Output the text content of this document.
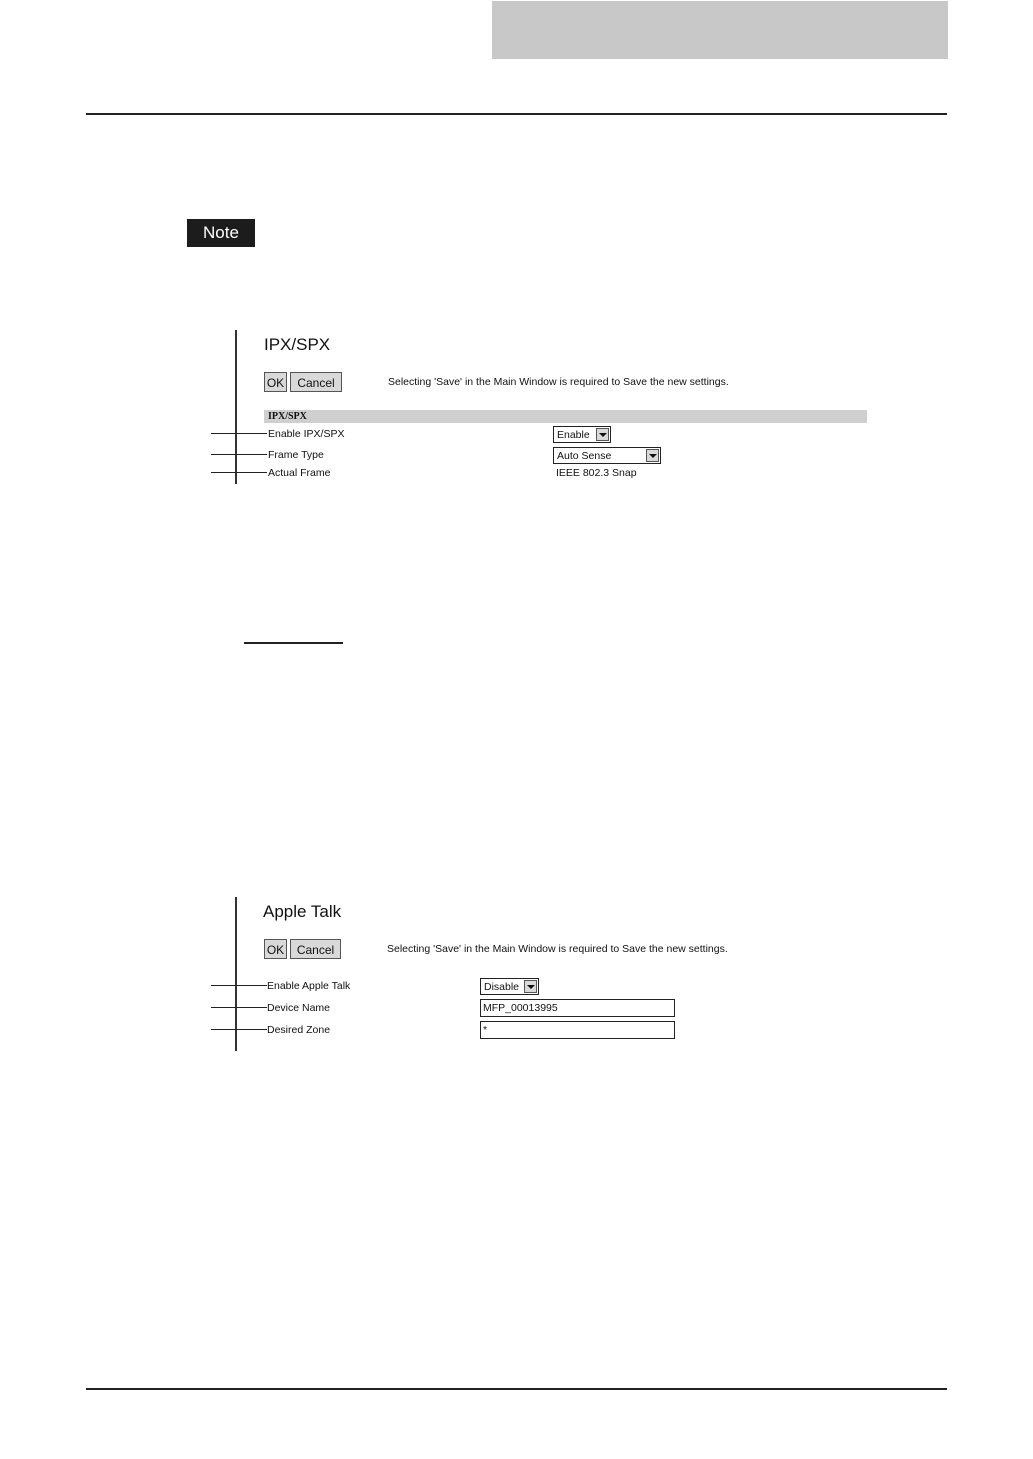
Note
IPX/SPX
OK	Cancel	Selecting 'Save' in the Main Window is required to Save the new settings.
IPX/SPX
Enable IPX/SPX	Enable
Frame Type	Auto Sense
Actual Frame	IEEE 802.3 Snap
Apple Talk
OK	Cancel	Selecting 'Save' in the Main Window is required to Save the new settings.
Enable Apple Talk	Disable
Device Name	MFP_00013995
Desired Zone	*
